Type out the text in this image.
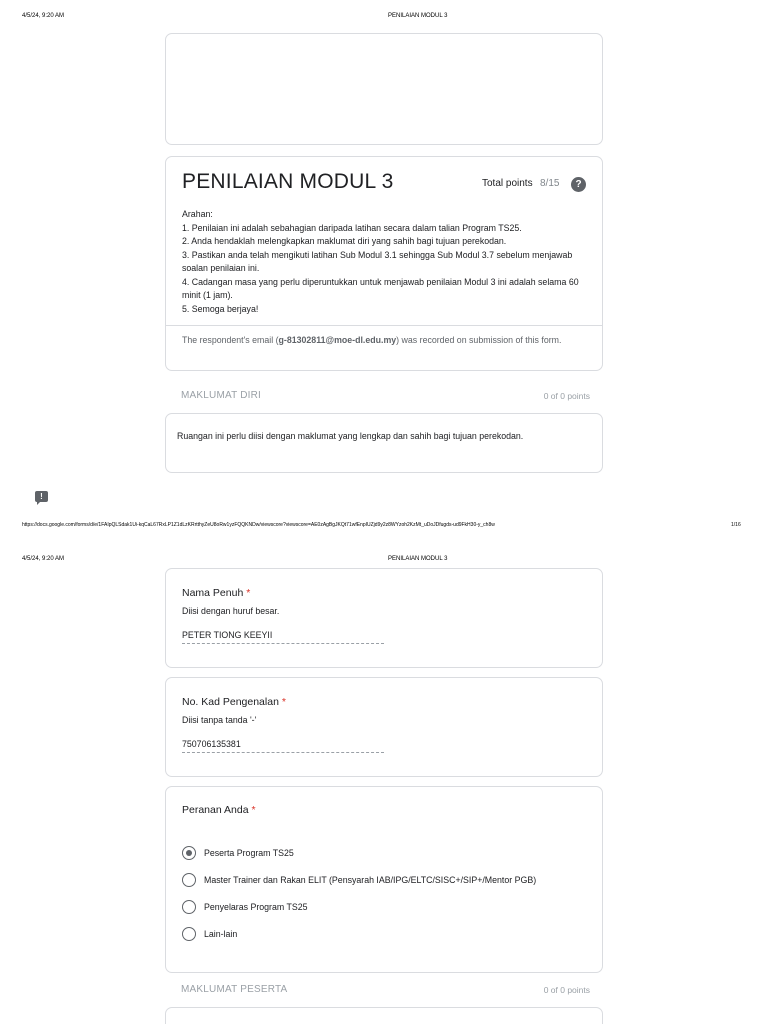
4/5/24, 9:20 AM	PENILAIAN MODUL 3
PENILAIAN MODUL 3	Total points 8/15	?
Arahan:
1. Penilaian ini adalah sebahagian daripada latihan secara dalam talian Program TS25.
2. Anda hendaklah melengkapkan maklumat diri yang sahih bagi tujuan perekodan.
3. Pastikan anda telah mengikuti latihan Sub Modul 3.1 sehingga Sub Modul 3.7 sebelum menjawab soalan penilaian ini.
4. Cadangan masa yang perlu diperuntukkan untuk menjawab penilaian Modul 3 ini adalah selama 60 minit (1 jam).
5. Semoga berjaya!
The respondent's email (g-81302811@moe-dl.edu.my) was recorded on submission of this form.
MAKLUMAT DIRI	0 of 0 points
Ruangan ini perlu diisi dengan maklumat yang lengkap dan sahih bagi tujuan perekodan.
!
https://docs.google.com/forms/d/e/1FAIpQLSdak1Ui-kqCaL67RxLP1Z1dLzKRrtthyZeU8oRw1yzFQQKNDw/viewscore?viewscore=AE0zAgBgJKQt71wfEnpIUZjd9y2z8WYzoh2KzMt_uDoJDfugds-ud9FkH30-y_ch8w	1/16
4/5/24, 9:20 AM	PENILAIAN MODUL 3
Nama Penuh *
Diisi dengan huruf besar.
PETER TIONG KEEYII
No. Kad Pengenalan *
Diisi tanpa tanda '-'
750706135381
Peranan Anda *
Peserta Program TS25
Master Trainer dan Rakan ELIT (Pensyarah IAB/IPG/ELTC/SISC+/SIP+/Mentor PGB)
Penyelaras Program TS25
Lain-lain
MAKLUMAT PESERTA	0 of 0 points
